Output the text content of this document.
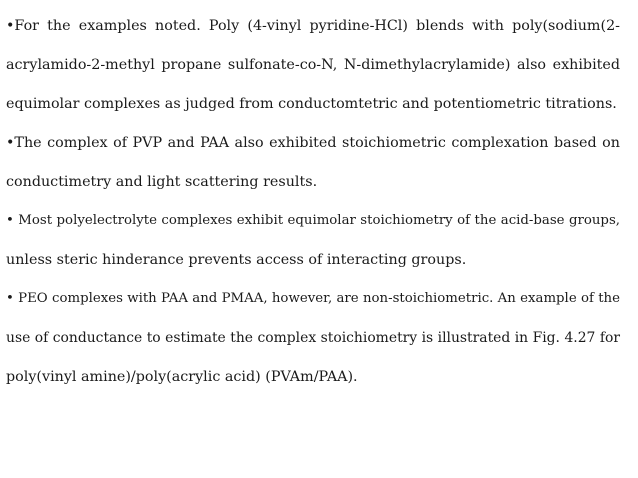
•For the examples noted. Poly (4-vinyl pyridine-HCl) blends with poly(sodium(2-
acrylamido-2-methyl propane sulfonate-co-N, N-dimethylacrylamide) also exhibited
equimolar complexes as judged from conductomtetric and potentiometric titrations.
•The complex of PVP and PAA also exhibited stoichiometric complexation based on
conductimetry and light scattering results.
• Most polyelectrolyte complexes exhibit equimolar stoichiometry of the acid-base groups,
unless steric hinderance prevents access of interacting groups.
• PEO complexes with PAA and PMAA, however, are non-stoichiometric. An example of the
use of conductance to estimate the complex stoichiometry is illustrated in Fig. 4.27 for
poly(vinyl amine)/poly(acrylic acid) (PVAm/PAA).
